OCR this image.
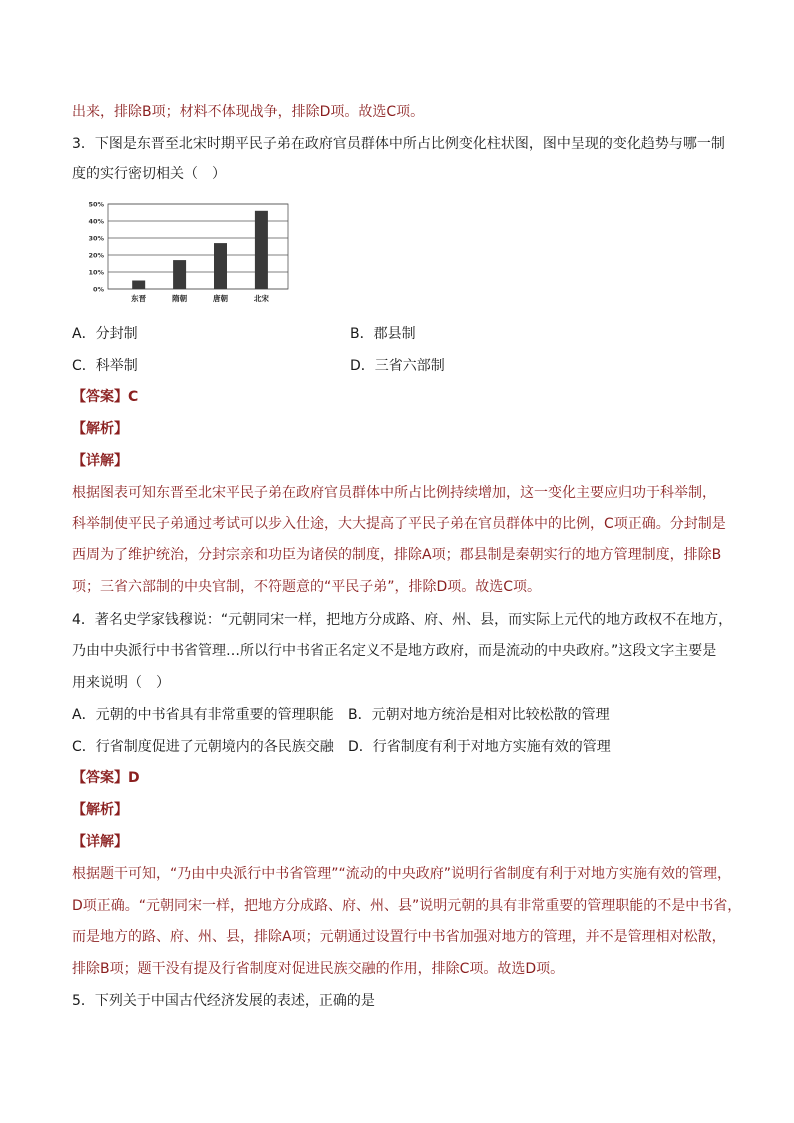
出来，排除B项；材料不体现战争，排除D项。故选C项。
3．下图是东晋至北宋时期平民子弟在政府官员群体中所占比例变化柱状图，图中呈现的变化趋势与哪一制
度的实行密切相关（　）
0%
10%
20%
30%
40%
50%
东晋	隋朝	唐朝	北宋
A．分封制	B．郡县制
C．科举制	D．三省六部制
【答案】C
【解析】
【详解】
根据图表可知东晋至北宋平民子弟在政府官员群体中所占比例持续增加，这一变化主要应归功于科举制，
科举制使平民子弟通过考试可以步入仕途，大大提高了平民子弟在官员群体中的比例，C项正确。分封制是
西周为了维护统治，分封宗亲和功臣为诸侯的制度，排除A项；郡县制是秦朝实行的地方管理制度，排除B
项；三省六部制的中央官制，不符题意的“平民子弟”，排除D项。故选C项。
4．著名史学家钱穆说：“元朝同宋一样，把地方分成路、府、州、县，而实际上元代的地方政权不在地方，
乃由中央派行中书省管理…所以行中书省正名定义不是地方政府，而是流动的中央政府。”这段文字主要是
用来说明（　）
A．元朝的中书省具有非常重要的管理职能 B．元朝对地方统治是相对比较松散的管理
C．行省制度促进了元朝境内的各民族交融 D．行省制度有利于对地方实施有效的管理
【答案】D
【解析】
【详解】
根据题干可知，“乃由中央派行中书省管理”“流动的中央政府”说明行省制度有利于对地方实施有效的管理，
D项正确。“元朝同宋一样，把地方分成路、府、州、县”说明元朝的具有非常重要的管理职能的不是中书省，
而是地方的路、府、州、县，排除A项；元朝通过设置行中书省加强对地方的管理，并不是管理相对松散，
排除B项；题干没有提及行省制度对促进民族交融的作用，排除C项。故选D项。
5．下列关于中国古代经济发展的表述，正确的是
